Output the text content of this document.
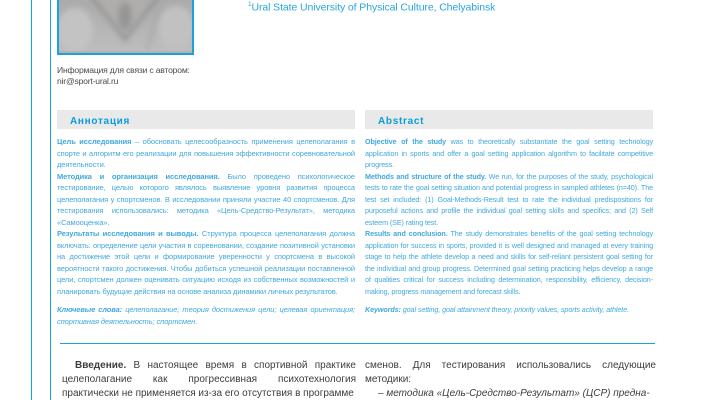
$^1$Ural State University of Physical Culture, Chelyabinsk
Информация для связи с автором:
nir@sport-ural.ru
Аннотация	Abstract

Цель исследования – обосновать целесообразность применения целеполагания в спорте и алгоритм его реализации для повышения эффективности соревновательной деятельности.

Методика и организация исследования. Было проведено психологическое тестирование, целью которого являлось выявление уровня развития процесса целеполагания у спортсменов. В исследовании приняли участие 40 спортсменов. Для тестирования использовались: методика «Цель-Средство-Результат», методика «Самооценка».

Результаты исследования и выводы. Структура процесса целеполагания должна включать: определение цели участия в соревновании, создание позитивной установки на достижение этой цели и формирование уверенности у спортсмена в высокой вероятности такого достижения. Чтобы добиться успешной реализации поставленной цели, спортсмен должен оценивать ситуацию исходя из собственных возможностей и планировать будущие действия на основе анализа динамики личных результатов.

Ключевые слова: целеполагание; теория достижения цели; целевая ориентация; спортивная деятельность; спортсмен.

Objective of the study was to theoretically substantiate the goal setting technology application in sports and offer a goal setting application algorithm to facilitate competitive progress.

Methods and structure of the study. We run, for the purposes of the study, psychological tests to rate the goal setting situation and potential progress in sampled athletes (n=40). The test set included: (1) Goal-Methods-Result test to rate the individual predispositions for purposeful actions and profile the individual goal setting skills and specifics; and (2) Self esteem (SE) rating test.

Results and conclusion. The study demonstrates benefits of the goal setting technology application for success in sports, provided it is well designed and managed at every training stage to help the athlete develop a need and skills for self-reliant persistent goal setting for the individual and group progress. Determined goal setting practicing helps develop a range of qualities critical for success including determination, responsibility, efficiency, decision-making, progress management and forecast skills.

Keywords: goal setting, goal attainment theory, priority values, sports activity, athlete.

Введение. В настоящее время в спортивной практике целеполагание как прогрессивная психотехнология практически не применяется из-за его отсутствия в программе

сменов. Для тестирования использовались следующие методики:

– методика «Цель-Средство-Результат» (ЦСР) предна-
